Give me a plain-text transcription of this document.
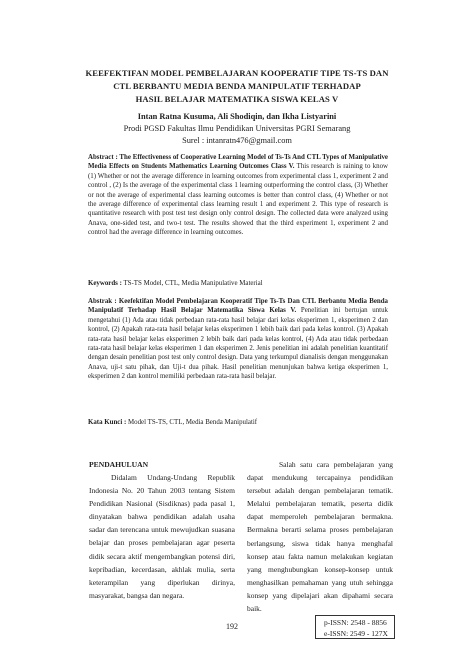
KEEFEKTIFAN MODEL PEMBELAJARAN KOOPERATIF TIPE TS-TS DAN
CTL BERBANTU MEDIA BENDA MANIPULATIF TERHADAP
HASIL BELAJAR MATEMATIKA SISWA KELAS V
Intan Ratna Kusuma, Ali Shodiqin, dan Ikha Listyarini
Prodi PGSD Fakultas Ilmu Pendidikan Universitas PGRI Semarang
Surel : intanratn476@gmail.com
Abstract : The Effectiveness of Cooperative Learning Model of Ts-Ts And CTL Types of Manipulative Media Effects on Students Mathematics Learning Outcomes Class V. This research is raining to know (1) Whether or not the average difference in learning outcomes from experimental class 1, experiment 2 and control , (2) Is the average of the experimental class 1 learning outperforming the control class, (3) Whether or not the average of experimental class learning outcomes is better than control class, (4) Whether or not the average difference of experimental class learning result 1 and experiment 2. This type of research is quantitative research with post test test design only control design. The collected data were analyzed using Anava, one-sided test, and two-t test. The results showed that the third experiment 1, experiment 2 and control had the average difference in learning outcomes.
Keywords : TS-TS Model, CTL, Media Manipulative Material
Abstrak : Keefektifan Model Pembelajaran Kooperatif Tipe Ts-Ts Dan CTL Berbantu Media Benda Manipulatif Terhadap Hasil Belajar Matematika Siswa Kelas V. Penelitian ini bertujan untuk mengetahui (1) Ada atau tidak perbedaan rata-rata hasil belajar dari kelas eksperimen 1, eksperimen 2 dan kontrol, (2) Apakah rata-rata hasil belajar kelas eksperimen 1 lebih baik dari pada kelas kontrol. (3) Apakah rata-rata hasil belajar kelas eksperimen 2 lebih baik dari pada kelas kontrol, (4) Ada atau tidak perbedaan rata-rata hasil belajar kelas eksperimen 1 dan eksperimen 2. Jenis penelitian ini adalah penelitian kuantitatif dengan desain penelitian post test only control design. Data yang terkumpul dianalisis dengan menggunakan Anava, uji-t satu pihak, dan Uji-t dua pihak. Hasil penelitian menunjukan bahwa ketiga eksperimen 1, eksperimen 2 dan kontrol memiliki perbedaan rata-rata hasil belajar.
Kata Kunci : Model TS-TS, CTL, Media Benda Manipulatif
PENDAHULUAN

Didalam Undang-Undang Republik Indonesia No. 20 Tahun 2003 tentang Sistem Pendidikan Nasional (Sisdiknas) pada pasal 1, dinyatakan bahwa pendidikan adalah usaha sadar dan terencana untuk mewujudkan suasana belajar dan proses pembelajaran agar peserta didik secara aktif mengembangkan potensi diri, kepribadian, kecerdasan, akhlak mulia, serta keterampilan yang diperlukan dirinya, masyarakat, bangsa dan negara.

Salah satu cara pembelajaran yang dapat mendukung tercapainya pendidikan tersebut adalah dengan pembelajaran tematik. Melalui pembelajaran tematik, peserta didik dapat memperoleh pembelajaran bermakna. Bermakna berarti selama proses pembelajaran berlangsung, siswa tidak hanya menghafal konsep atau fakta namun melakukan kegiatan yang menghubungkan konsep-konsep untuk menghasilkan pemahaman yang utuh sehingga konsep yang dipelajari akan dipahami secara baik.

192	p-ISSN: 2548 - 8856
e-ISSN: 2549 - 127X
